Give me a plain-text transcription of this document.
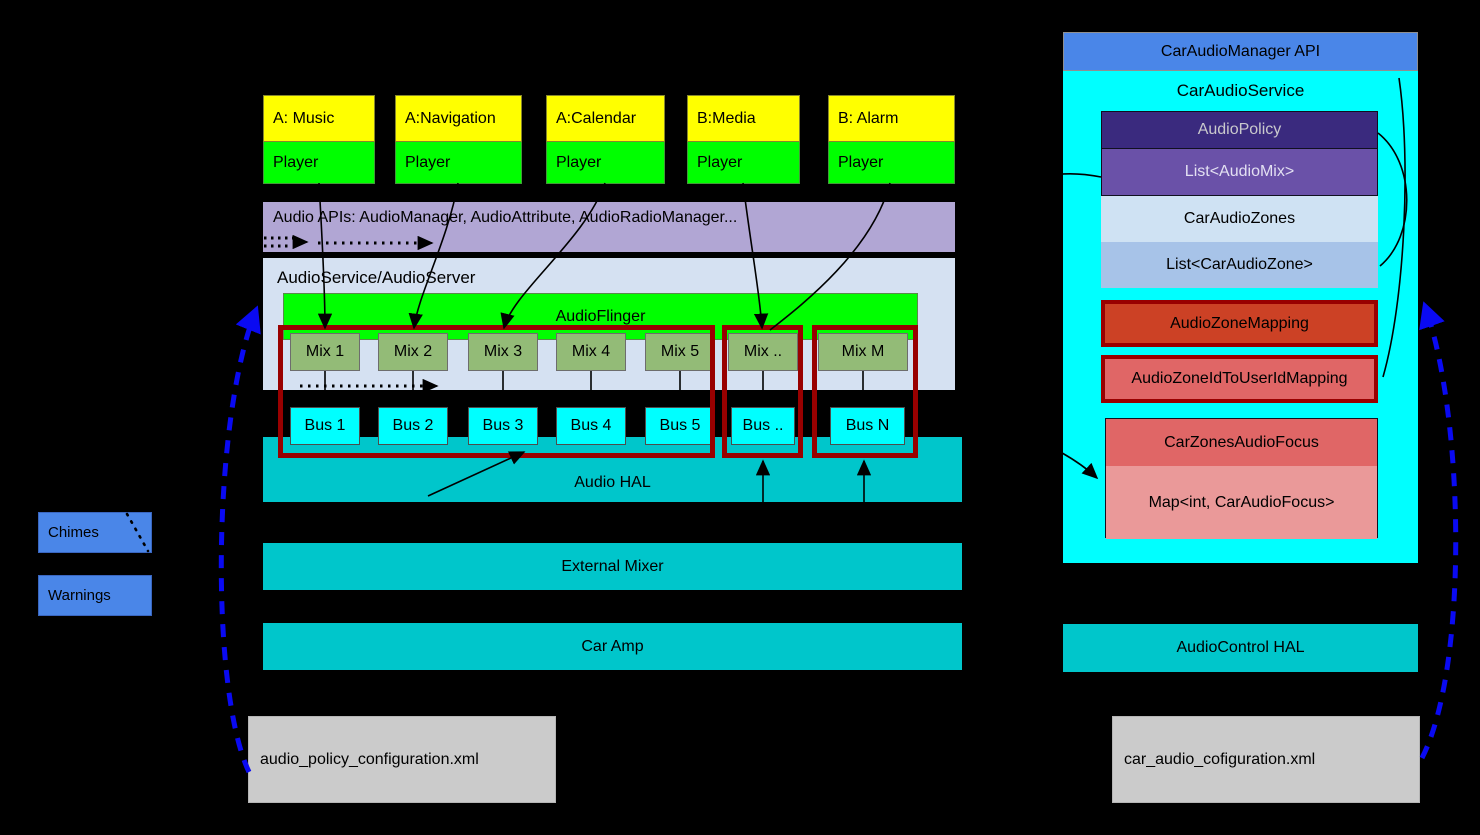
A: Music
Player
A:Navigation
Player
A:Calendar
Player
B:Media
Player
B: Alarm
Player
Audio APIs: AudioManager, AudioAttribute, AudioRadioManager...
AudioService/AudioServer
AudioFlinger
Mix 1	Mix 2	Mix 3	Mix 4	Mix 5	Mix ..	Mix M
Audio HAL
Bus 1	Bus 2	Bus 3	Bus 4	Bus 5	Bus ..	Bus N
External Mixer
Car Amp	AudioControl HAL
Chimes
Warnings
audio_policy_configuration.xml	car_audio_cofiguration.xml
CarAudioManager API
CarAudioService
AudioPolicy
List<AudioMix>
CarAudioZones
List<CarAudioZone>
AudioZoneMapping
AudioZoneIdToUserIdMapping
CarZonesAudioFocus
Map<int, CarAudioFocus>
